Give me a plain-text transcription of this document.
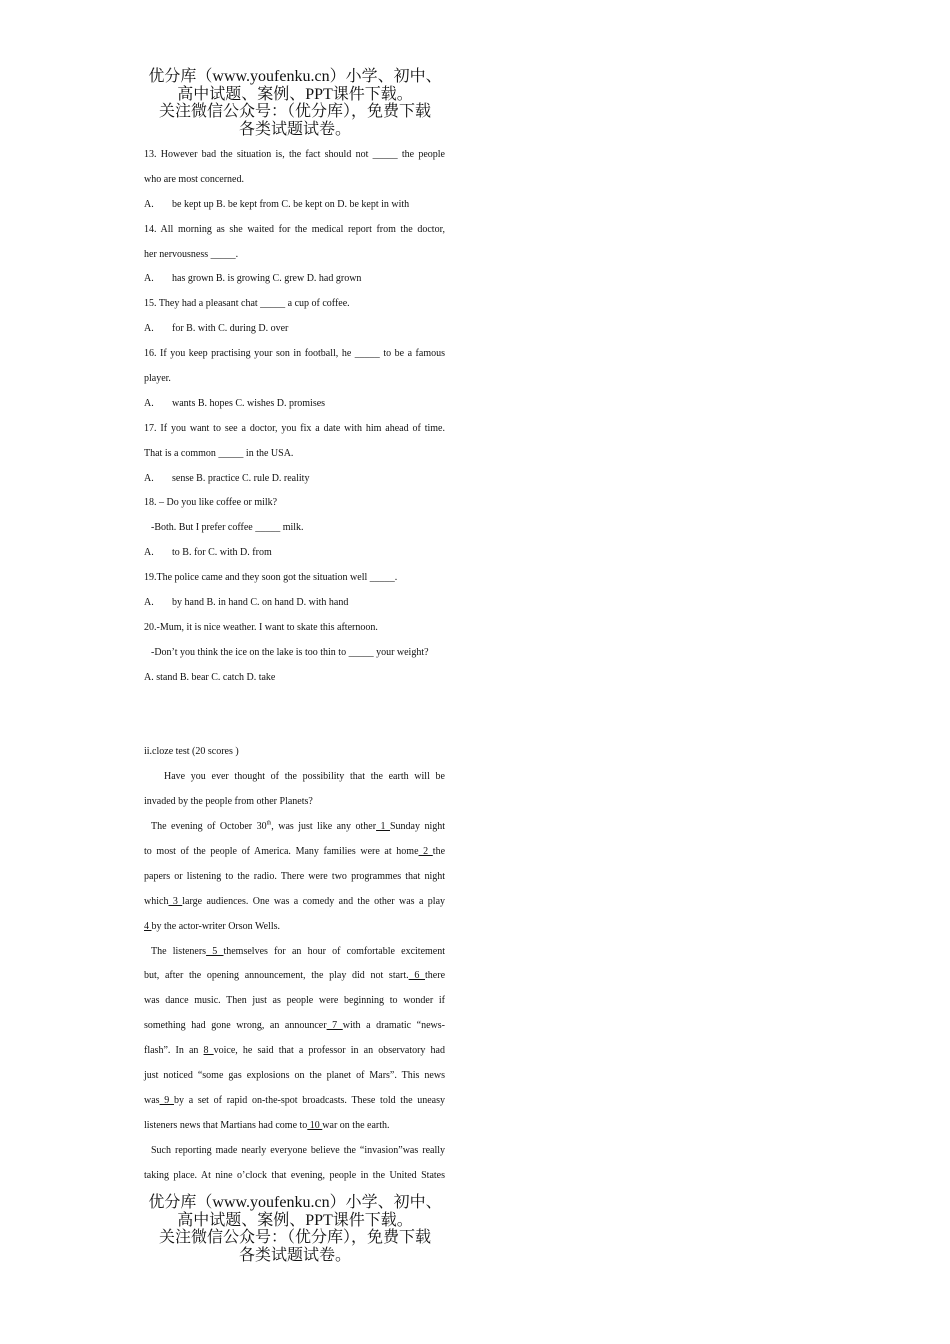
优分库（www.youfenku.cn）小学、初中、
高中试题、案例、PPT课件下载。
关注微信公众号：（优分库），免费下载
各类试题试卷。
13. However bad the situation is, the fact should not _____ the people
who are most concerned.
A. be kept up B. be kept from C. be kept on D. be kept in with
14. All morning as she waited for the medical report from the doctor,
her nervousness _____.
A. has grown B. is growing C. grew D. had grown
15. They had a pleasant chat _____ a cup of coffee.
A. for B. with C. during D. over
16. If you keep practising your son in football, he _____ to be a famous
player.
A. wants B. hopes C. wishes D. promises
17. If you want to see a doctor, you fix a date with him ahead of time.
That is a common _____ in the USA.
A. sense B. practice C. rule D. reality
18. – Do you like coffee or milk?
-Both. But I prefer coffee _____ milk.
A. to B. for C. with D. from
19.The police came and they soon got the situation well _____.
A. by hand B. in hand C. on hand D. with hand
20.-Mum, it is nice weather. I want to skate this afternoon.
-Don’t you think the ice on the lake is too thin to _____ your weight?
A. stand B. bear C. catch D. take
ii.cloze test (20 scores )
Have you ever thought of the possibility that the earth will be
invaded by the people from other Planets?
The evening of October 30th, was just like any other 1 Sunday night
to most of the people of America. Many families were at home 2 the
papers or listening to the radio. There were two programmes that night
which 3 large audiences. One was a comedy and the other was a play
4 by the actor-writer Orson Wells.
The listeners 5 themselves for an hour of comfortable excitement
but, after the opening announcement, the play did not start. 6 there
was dance music. Then just as people were beginning to wonder if
something had gone wrong, an announcer 7 with a dramatic “news-
flash”. In an 8 voice, he said that a professor in an observatory had
just noticed “some gas explosions on the planet of Mars”. This news
was 9 by a set of rapid on-the-spot broadcasts. These told the uneasy
listeners news that Martians had come to 10 war on the earth.
Such reporting made nearly everyone believe the “invasion”was really
taking place. At nine o’clock that evening, people in the United States
优分库（www.youfenku.cn）小学、初中、
高中试题、案例、PPT课件下载。
关注微信公众号：（优分库），免费下载
各类试题试卷。
